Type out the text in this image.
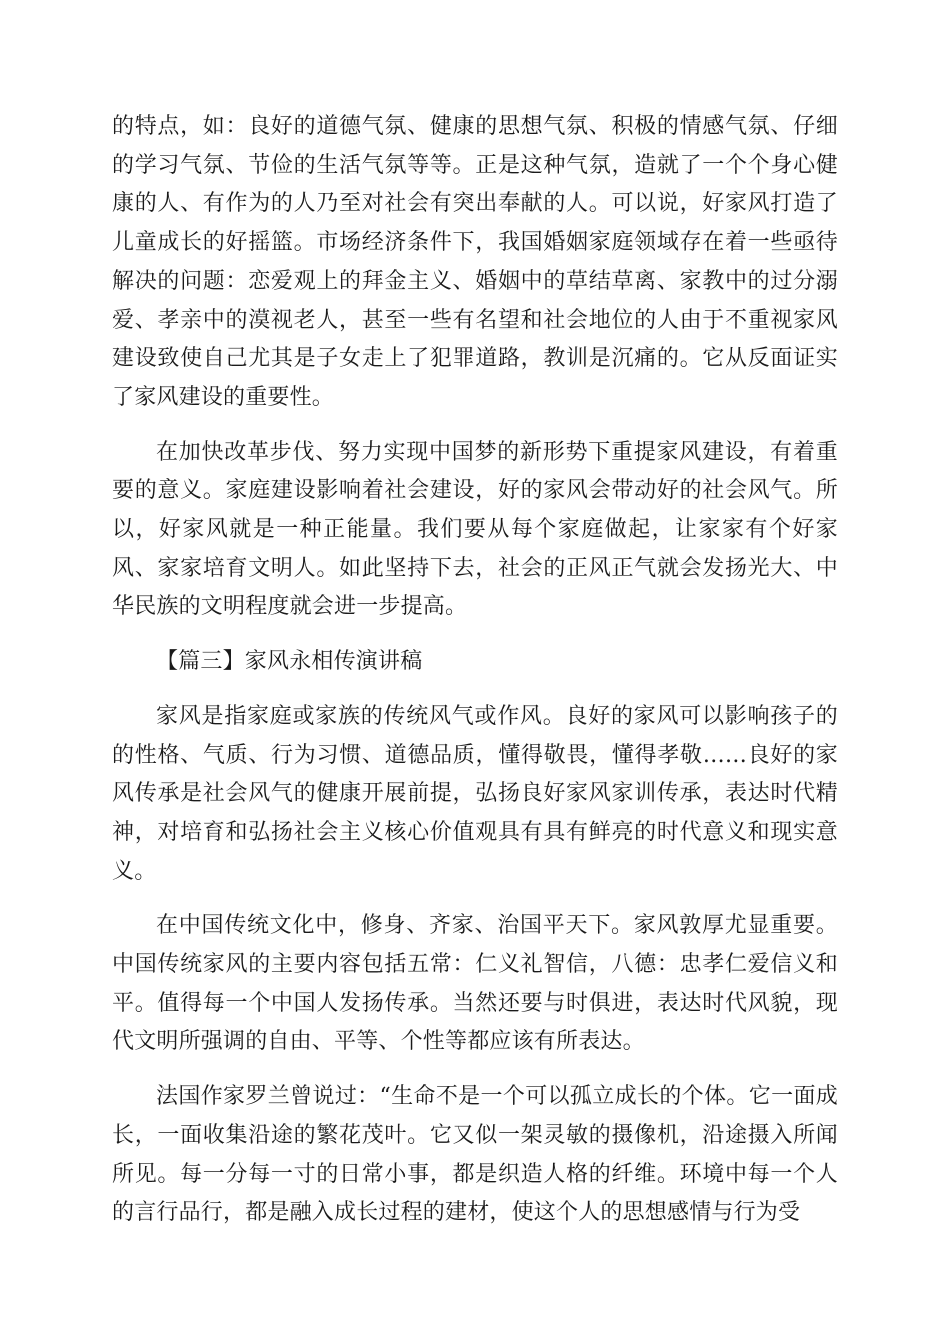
的特点，如：良好的道德气氛、健康的思想气氛、积极的情感气氛、仔细的学习气氛、节俭的生活气氛等等。正是这种气氛，造就了一个个身心健康的人、有作为的人乃至对社会有突出奉献的人。可以说，好家风打造了儿童成长的好摇篮。市场经济条件下，我国婚姻家庭领域存在着一些亟待解决的问题：恋爱观上的拜金主义、婚姻中的草结草离、家教中的过分溺爱、孝亲中的漠视老人，甚至一些有名望和社会地位的人由于不重视家风建设致使自己尤其是子女走上了犯罪道路，教训是沉痛的。它从反面证实了家风建设的重要性。

在加快改革步伐、努力实现中国梦的新形势下重提家风建设，有着重要的意义。家庭建设影响着社会建设，好的家风会带动好的社会风气。所以，好家风就是一种正能量。我们要从每个家庭做起，让家家有个好家风、家家培育文明人。如此坚持下去，社会的正风正气就会发扬光大、中华民族的文明程度就会进一步提高。

【篇三】家风永相传演讲稿

家风是指家庭或家族的传统风气或作风。良好的家风可以影响孩子的的性格、气质、行为习惯、道德品质，懂得敬畏，懂得孝敬……良好的家风传承是社会风气的健康开展前提，弘扬良好家风家训传承，表达时代精神，对培育和弘扬社会主义核心价值观具有具有鲜亮的时代意义和现实意义。

在中国传统文化中，修身、齐家、治国平天下。家风敦厚尤显重要。中国传统家风的主要内容包括五常：仁义礼智信，八德：忠孝仁爱信义和平。值得每一个中国人发扬传承。当然还要与时俱进，表达时代风貌，现代文明所强调的自由、平等、个性等都应该有所表达。

法国作家罗兰曾说过：“生命不是一个可以孤立成长的个体。它一面成长，一面收集沿途的繁花茂叶。它又似一架灵敏的摄像机，沿途摄入所闻所见。每一分每一寸的日常小事，都是织造人格的纤维。环境中每一个人的言行品行，都是融入成长过程的建材，使这个人的思想感情与行为受
